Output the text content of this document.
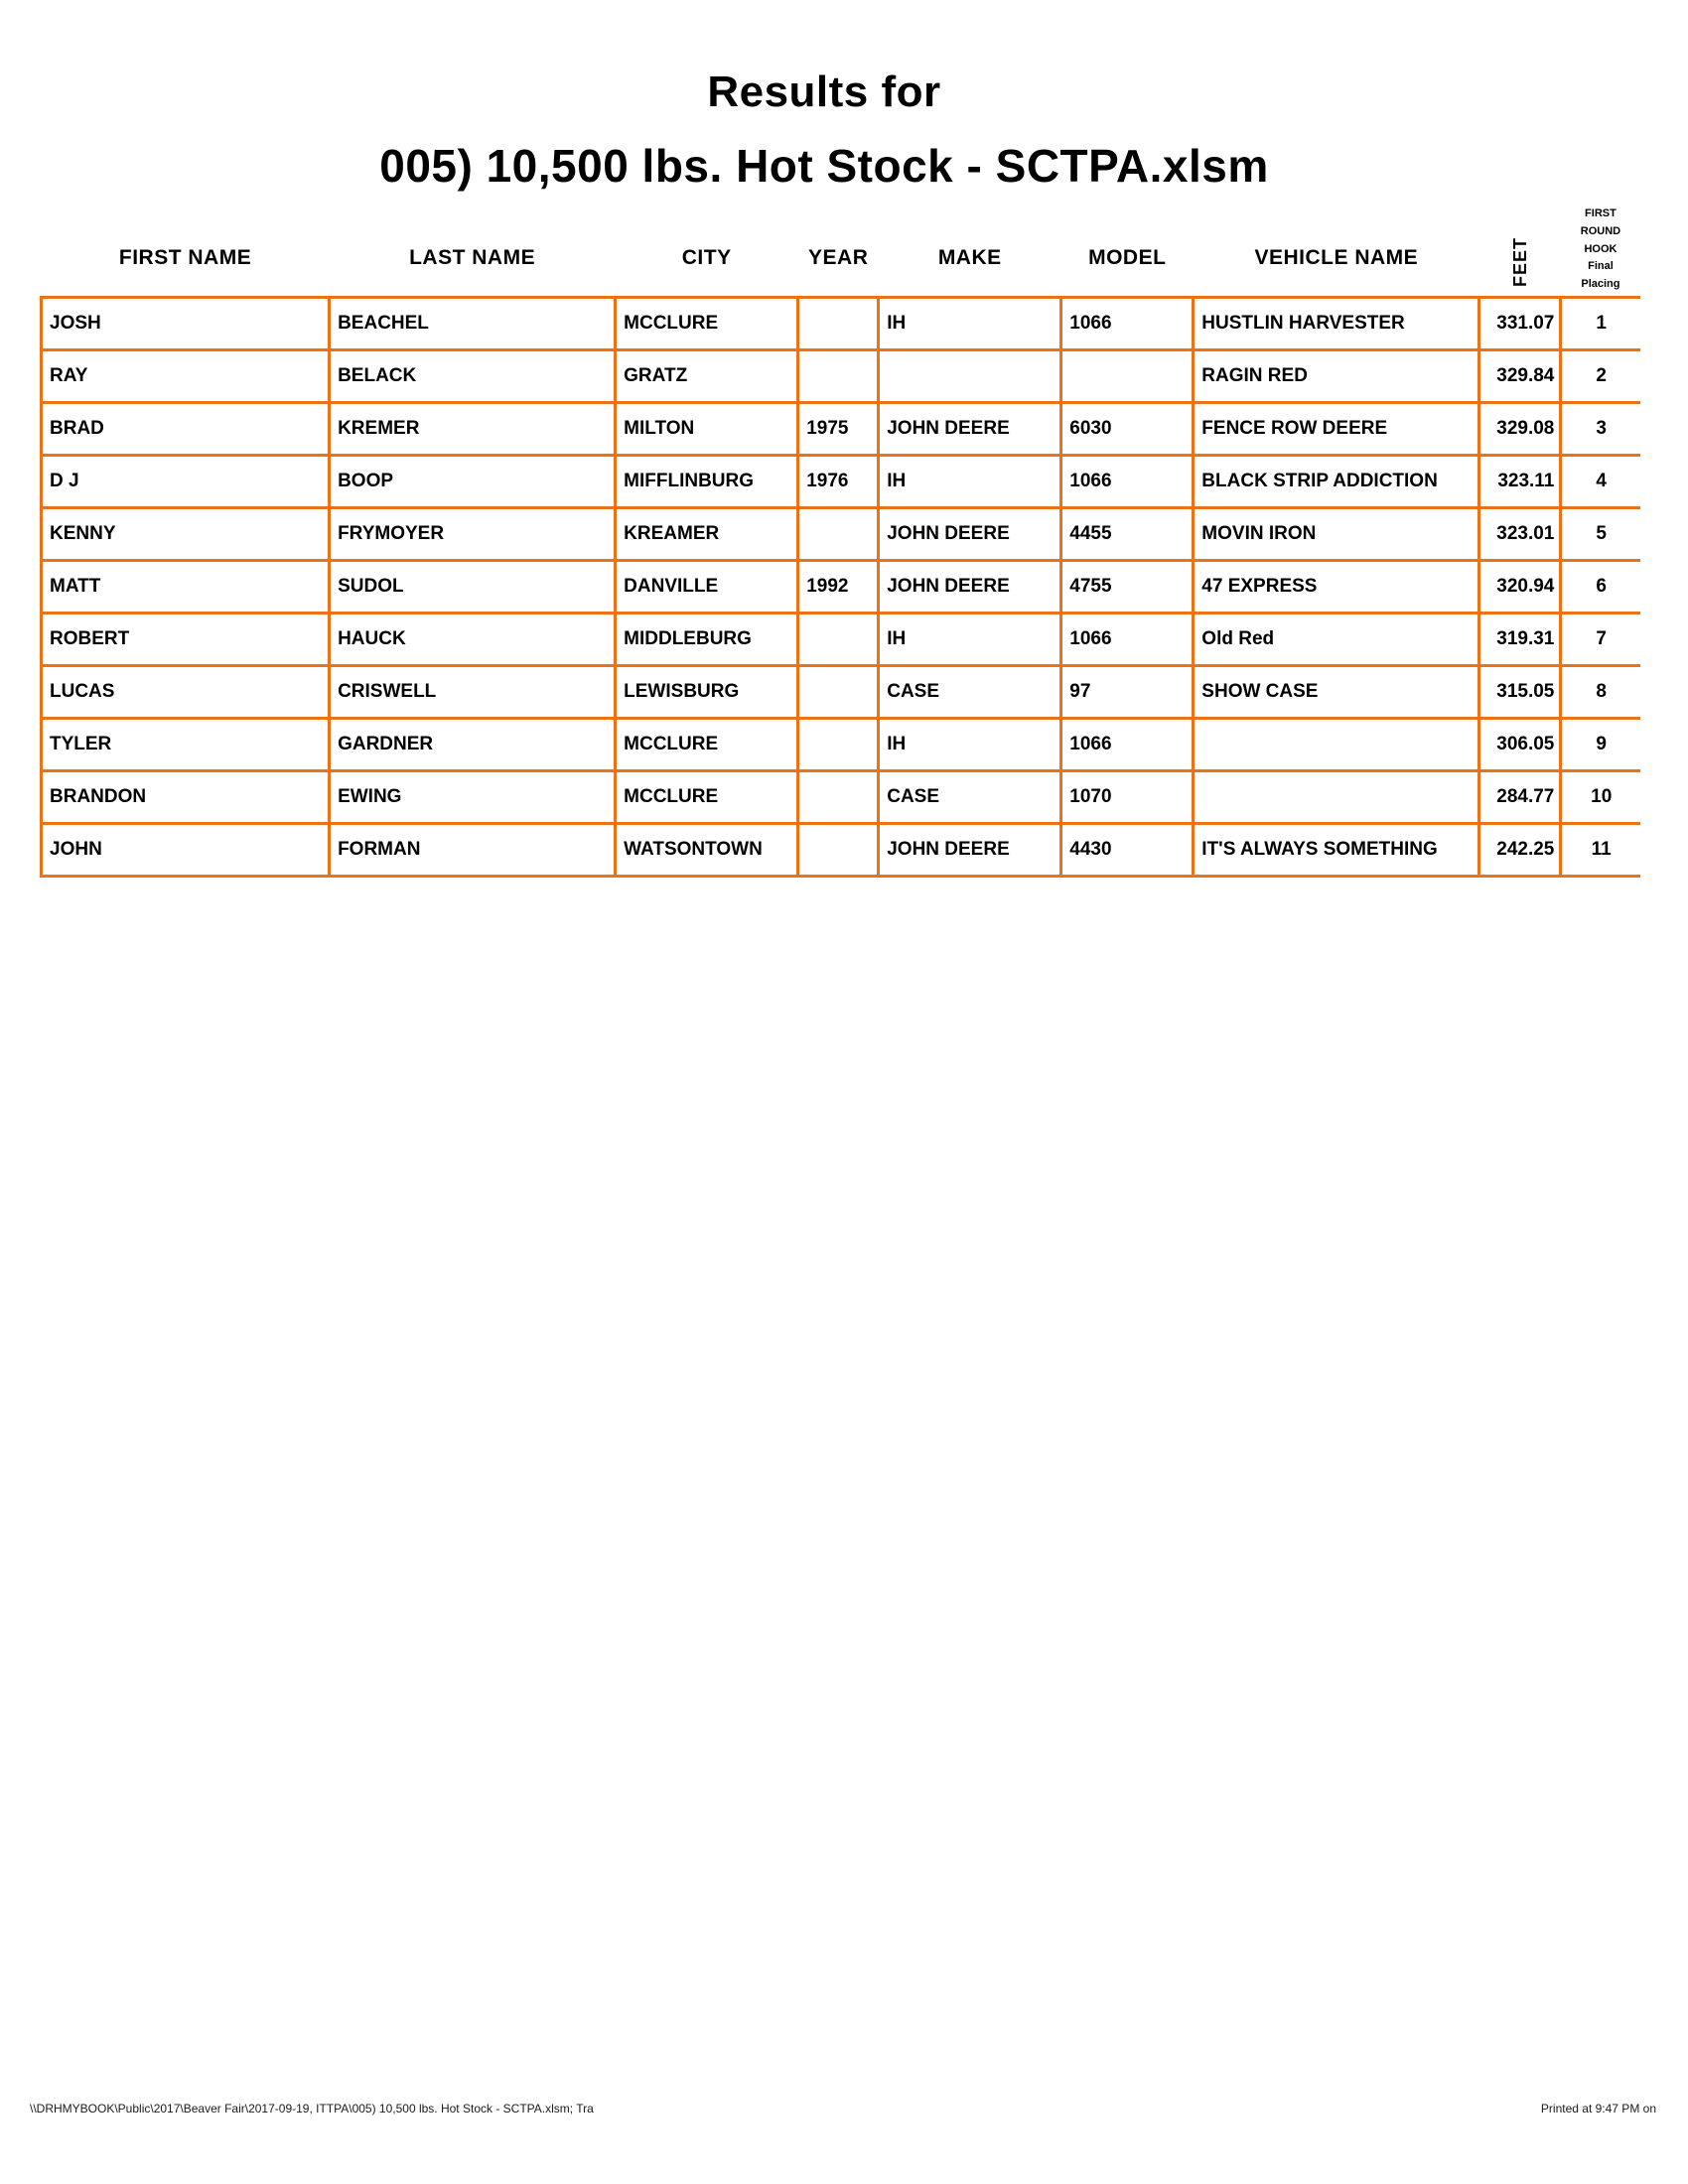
Results for
005) 10,500 lbs. Hot Stock - SCTPA.xlsm
FIRST NAME	LAST NAME	CITY	YEAR	MAKE	MODEL	VEHICLE NAME	FEET	FIRST
ROUND
HOOK
Final
Placing

JOSH	BEACHEL	MCCLURE		IH	1066	HUSTLIN HARVESTER	331.07	1
RAY	BELACK	GRATZ				RAGIN RED	329.84	2
BRAD	KREMER	MILTON	1975	JOHN DEERE	6030	FENCE ROW DEERE	329.08	3
D J	BOOP	MIFFLINBURG	1976	IH	1066	BLACK STRIP ADDICTION	323.11	4
KENNY	FRYMOYER	KREAMER		JOHN DEERE	4455	MOVIN IRON	323.01	5
MATT	SUDOL	DANVILLE	1992	JOHN DEERE	4755	47 EXPRESS	320.94	6
ROBERT	HAUCK	MIDDLEBURG		IH	1066	Old Red	319.31	7
LUCAS	CRISWELL	LEWISBURG		CASE	97	SHOW CASE	315.05	8
TYLER	GARDNER	MCCLURE		IH	1066		306.05	9
BRANDON	EWING	MCCLURE		CASE	1070		284.77	10
JOHN	FORMAN	WATSONTOWN		JOHN DEERE	4430	IT'S ALWAYS SOMETHING	242.25	11
\\DRHMYBOOK\Public\2017\Beaver Fair\2017-09-19, ITTPA\005) 10,500 lbs. Hot Stock - SCTPA.xlsm; Tra	Printed at 9:47 PM on
